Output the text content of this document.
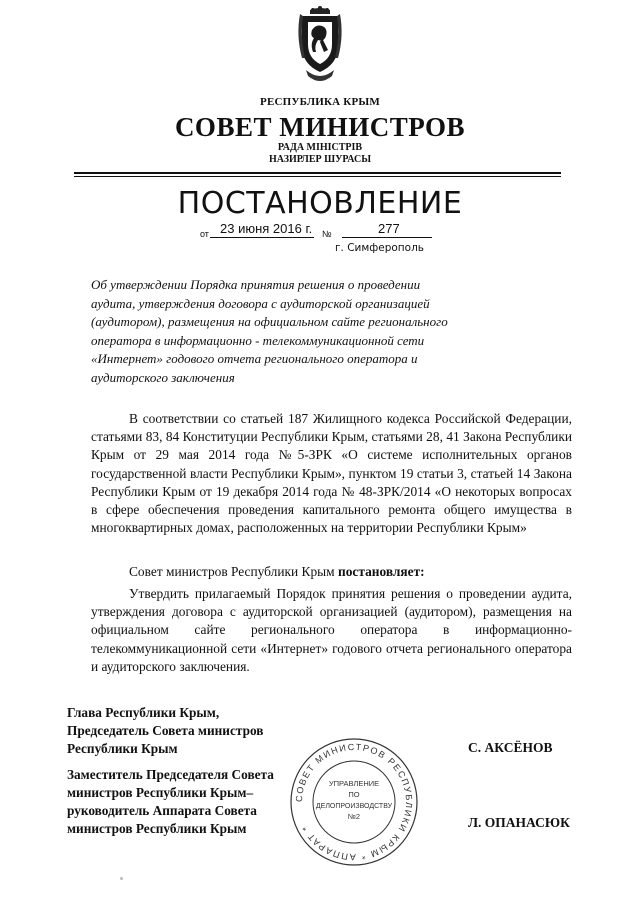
РЕСПУБЛИКА КРЫМ
СОВЕТ МИНИСТРОВ
РАДА МІНІСТРІВ
НАЗИРЛЕР ШУРАСЫ
ПОСТАНОВЛЕНИЕ
от 23 июня 2016 г. №	277
г. Симферополь
Об утверждении Порядка принятия решения о проведении аудита, утверждения договора с аудиторской организацией (аудитором), размещения на официальном сайте регионального оператора в информационно - телекоммуникационной сети «Интернет» годового отчета регионального оператора и аудиторского заключения
В соответствии со статьей 187 Жилищного кодекса Российской Федерации, статьями 83, 84 Конституции Республики Крым, статьями 28, 41 Закона Республики Крым от 29 мая 2014 года №5-ЗРК «О системе исполнительных органов государственной власти Республики Крым», пунктом 19 статьи 3, статьей 14 Закона Республики Крым от 19 декабря 2014 года № 48-ЗРК/2014 «О некоторых вопросах в сфере обеспечения проведения капитального ремонта общего имущества в многоквартирных домах, расположенных на территории Республики Крым»
Совет министров Республики Крым постановляет:
Утвердить прилагаемый Порядок принятия решения о проведении аудита, утверждения договора с аудиторской организацией (аудитором), размещения на официальном сайте регионального оператора в информационно-телекоммуникационной сети «Интернет» годового отчета регионального оператора и аудиторского заключения.
Глава Республики Крым,
Председатель Совета министров
Республики Крым	С. АКСЁНОВ
Заместитель Председателя Совета
министров Республики Крым–
руководитель Аппарата Совета
министров Республики Крым	Л. ОПАНАСЮК
СОВЕТ МИНИСТРОВ РЕСПУБЛИКИ КРЫМ * АППАРАТ *
УПРАВЛЕНИЕ
ПО
ДЕЛОПРОИЗВОДСТВУ
№2
